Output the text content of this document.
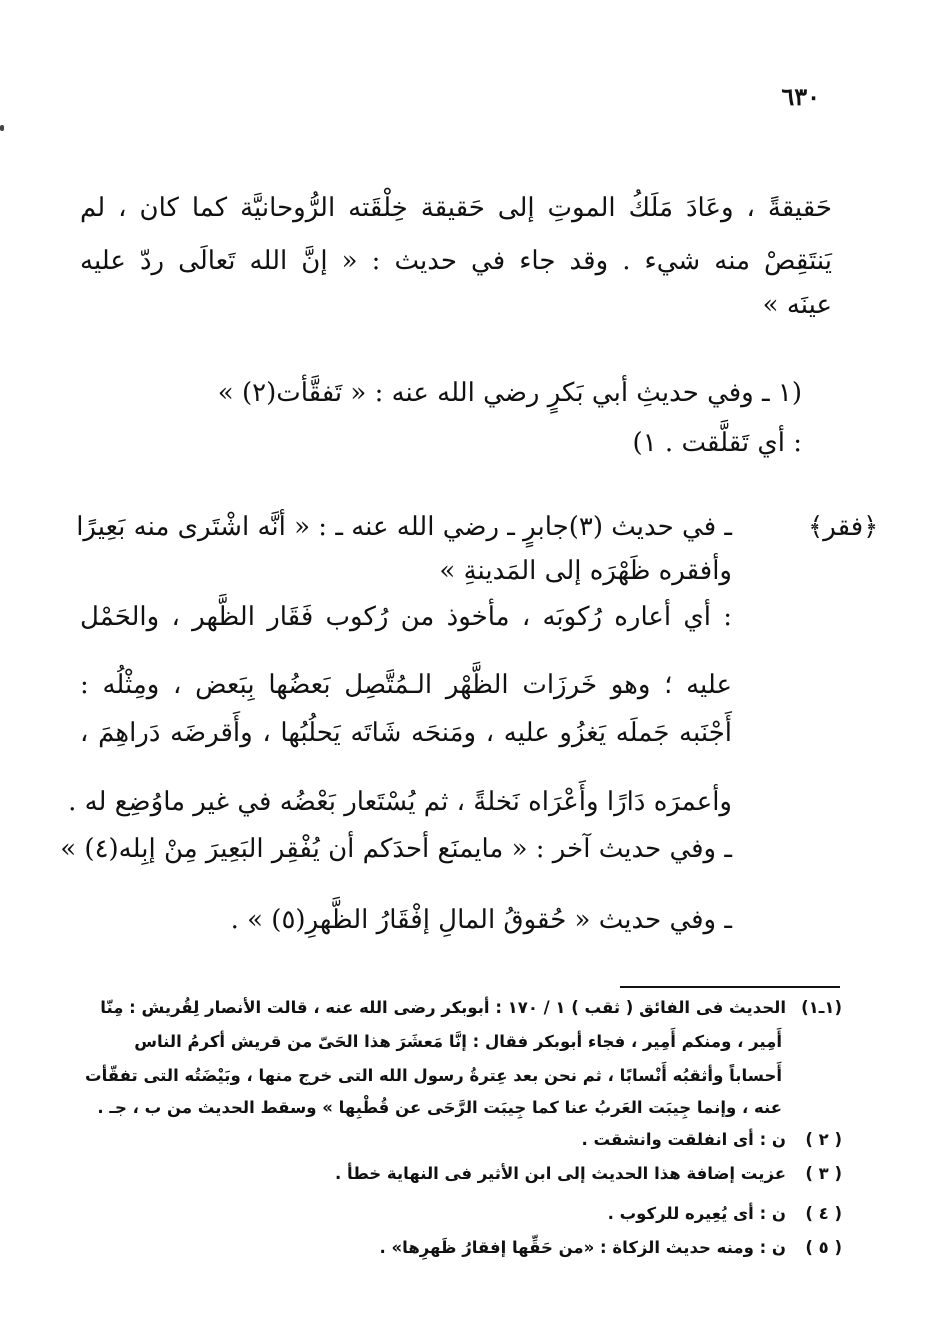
٦٣٠
حَقيقةً ، وعَادَ مَلَكُ الموتِ إلى حَقيقة خِلْقَته الرُّوحانيَّة كما كان ، لم
يَنتَقِصْ منه شيء . وقد جاء في حديث : « إنَّ الله تَعالَى ردّ عليه
عينَه »
(١ ـ وفي حديثِ أبي بَكرٍ رضي الله عنه : « تَفقَّأت(٢) »
: أي تَقلَّقت . ١)
﴿فقر﴾
ـ في حديث (٣)جابرٍ ـ رضي الله عنه ـ : « أنَّه اشْتَرى منه بَعِيرًا
وأفقره ظَهْرَه إلى المَدينةِ »
: أي أعاره رُكوبَه ، مأخوذ من رُكوب فَقَار الظَّهر ، والحَمْل
عليه ؛ وهو خَرزَات الظَّهْر الـمُتَّصِل بَعضُها بِبَعض ، ومِثْلُه :
أَجْنَبه جَملَه يَغزُو عليه ، ومَنحَه شَاتَه يَحلُبُها ، وأَقرضَه دَراهِمَ ،
وأعمرَه دَارًا وأَعْرَاه نَخلةً ، ثم يُسْتَعار بَعْضُه في غير ماوُضِع له .
ـ وفي حديث آخر : « مايمنَع أحدَكم أن يُفْقِر البَعِيرَ مِنْ إبِله(٤) »
ـ وفي حديث « حُقوقُ المالِ إفْقَارُ الظَّهرِ(٥) » .
(١ـ١)الحديث فى الفائق ( ثقب ) ١ / ١٧٠ : أبوبكر رضى الله عنه ، قالت الأنصار لِقُريش : مِنّا
أَمِير ، ومنكم أَمِير ، فجاء أبوبكر فقال : إنَّا مَعشَرَ هذا الحَىّ من قريش أكرمُ الناس
أَحساباً وأثقبُه أَنْسابًا ، ثم نحن بعد عِترةُ رسول الله التى خرج منها ، وبَيْضَتُه التى تفقّأت
عنه ، وإنما جِيبَت العَربُ عنا كما جِيبَت الرَّحَى عن قُطْبِها » وسقط الحديث من ب ، جـ .
( ٢ )ن : أى انفلقت وانشقت .
( ٣ )عزيت إضافة هذا الحديث إلى ابن الأثير فى النهاية خطأ .
( ٤ )ن : أى يُعِيره للركوب .
( ٥ )ن : ومنه حديث الزكاة : «من حَقِّها إفقارُ ظَهرِها» .
